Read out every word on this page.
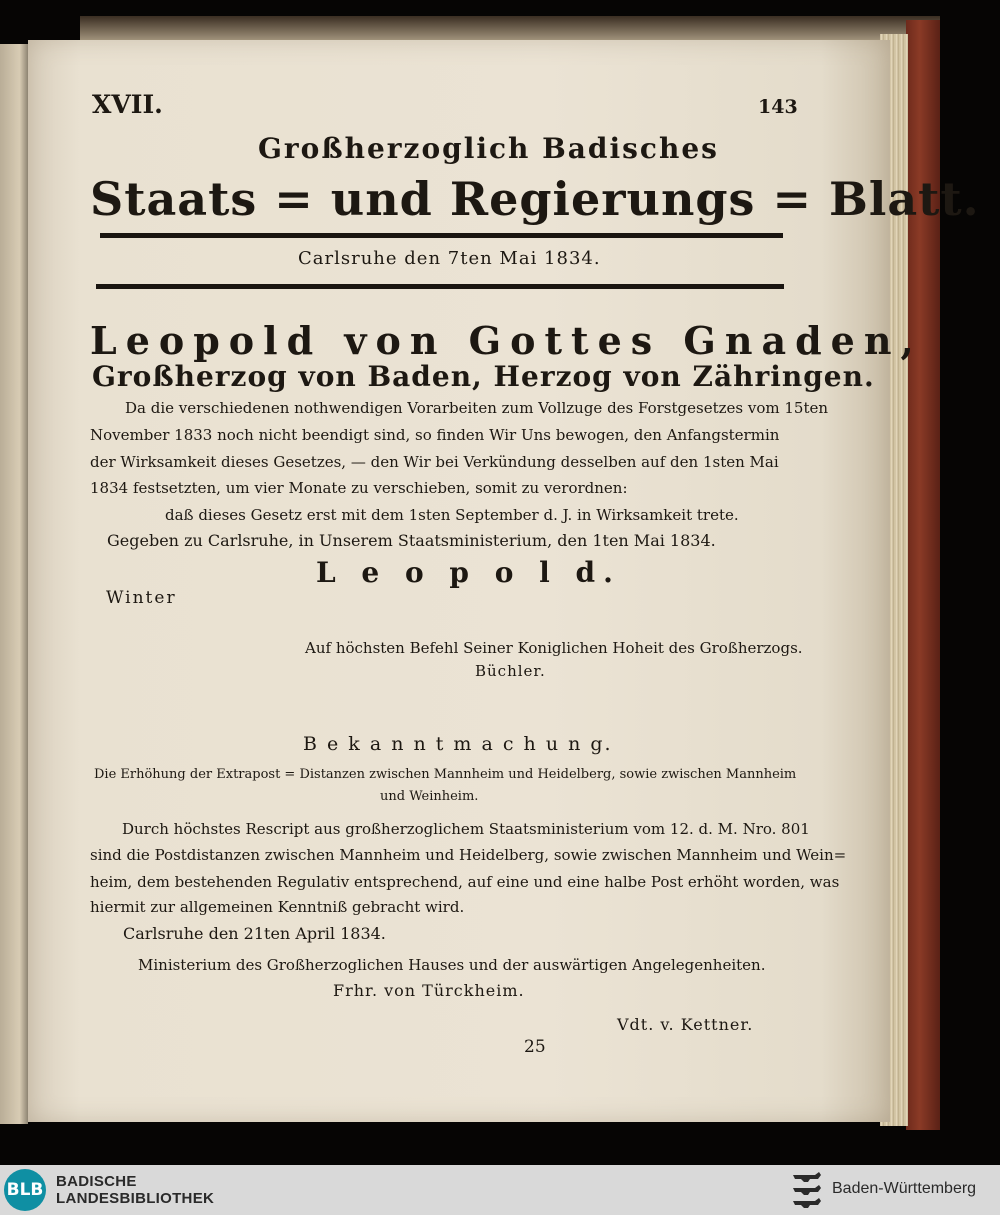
XVII.	143
Großherzoglich Badisches
Staats = und Regierungs = Blatt.
Carlsruhe den 7ten Mai 1834.
Leopold von Gottes Gnaden,
Großherzog von Baden, Herzog von Zähringen.
Da die verschiedenen nothwendigen Vorarbeiten zum Vollzuge des Forstgesetzes vom 15ten
November 1833 noch nicht beendigt sind, so finden Wir Uns bewogen, den Anfangstermin
der Wirksamkeit dieses Gesetzes, — den Wir bei Verkündung desselben auf den 1sten Mai
1834 festsetzten, um vier Monate zu verschieben, somit zu verordnen:
daß dieses Gesetz erst mit dem 1sten September d. J. in Wirksamkeit trete.
Gegeben zu Carlsruhe, in Unserem Staatsministerium, den 1ten Mai 1834.
L e o p o l d.
Winter
Auf höchsten Befehl Seiner Koniglichen Hoheit des Großherzogs.
Büchler.
B e k a n n t m a c h u n g.
Die Erhöhung der Extrapost = Distanzen zwischen Mannheim und Heidelberg, sowie zwischen Mannheim
und Weinheim.
Durch höchstes Rescript aus großherzoglichem Staatsministerium vom 12. d. M. Nro. 801
sind die Postdistanzen zwischen Mannheim und Heidelberg, sowie zwischen Mannheim und Wein=
heim, dem bestehenden Regulativ entsprechend, auf eine und eine halbe Post erhöht worden, was
hiermit zur allgemeinen Kenntniß gebracht wird.
Carlsruhe den 21ten April 1834.
Ministerium des Großherzoglichen Hauses und der auswärtigen Angelegenheiten.
Frhr. von Türckheim.
Vdt. v. Kettner.
25
BLB BADISCHE
LANDESBIBLIOTHEK
Baden-Württemberg
